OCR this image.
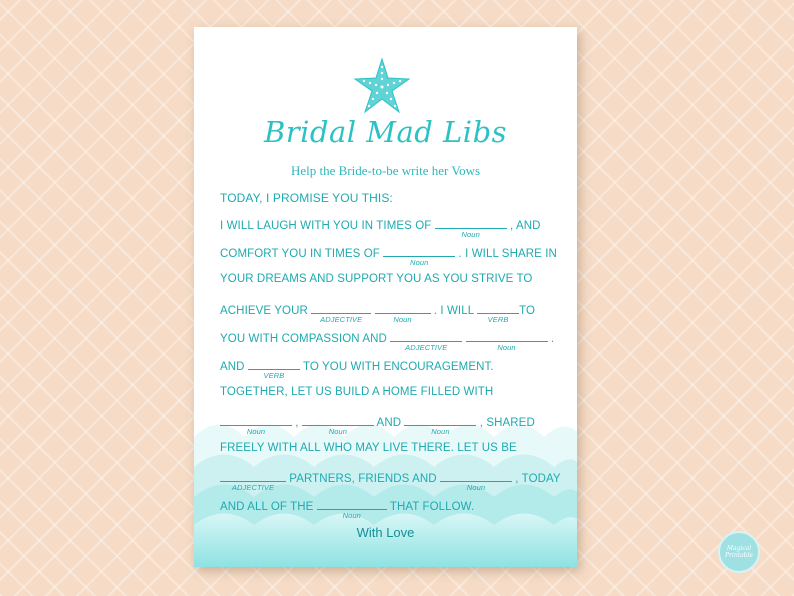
Bridal Mad Libs
Help the Bride-to-be write her Vows
TODAY, I PROMISE YOU THIS:
I WILL LAUGH WITH YOU IN TIMES OF
Noun
, AND
COMFORT YOU IN TIMES OF
Noun
. I WILL SHARE IN
YOUR DREAMS AND SUPPORT YOU AS YOU STRIVE TO
ACHIEVE YOUR
ADJECTIVE
	Noun
. I WILL
VERB
TO
YOU WITH COMPASSION AND
ADJECTIVE
	Noun
.
AND
VERB
TO YOU WITH ENCOURAGEMENT.
TOGETHER, LET US BUILD A HOME FILLED WITH
Noun
,
Noun
AND
Noun
, SHARED
FREELY WITH ALL WHO MAY LIVE THERE. LET US BE
ADJECTIVE
PARTNERS, FRIENDS AND
Noun
, TODAY
AND ALL OF THE
Noun
THAT FOLLOW.
With Love
Magical Printable
